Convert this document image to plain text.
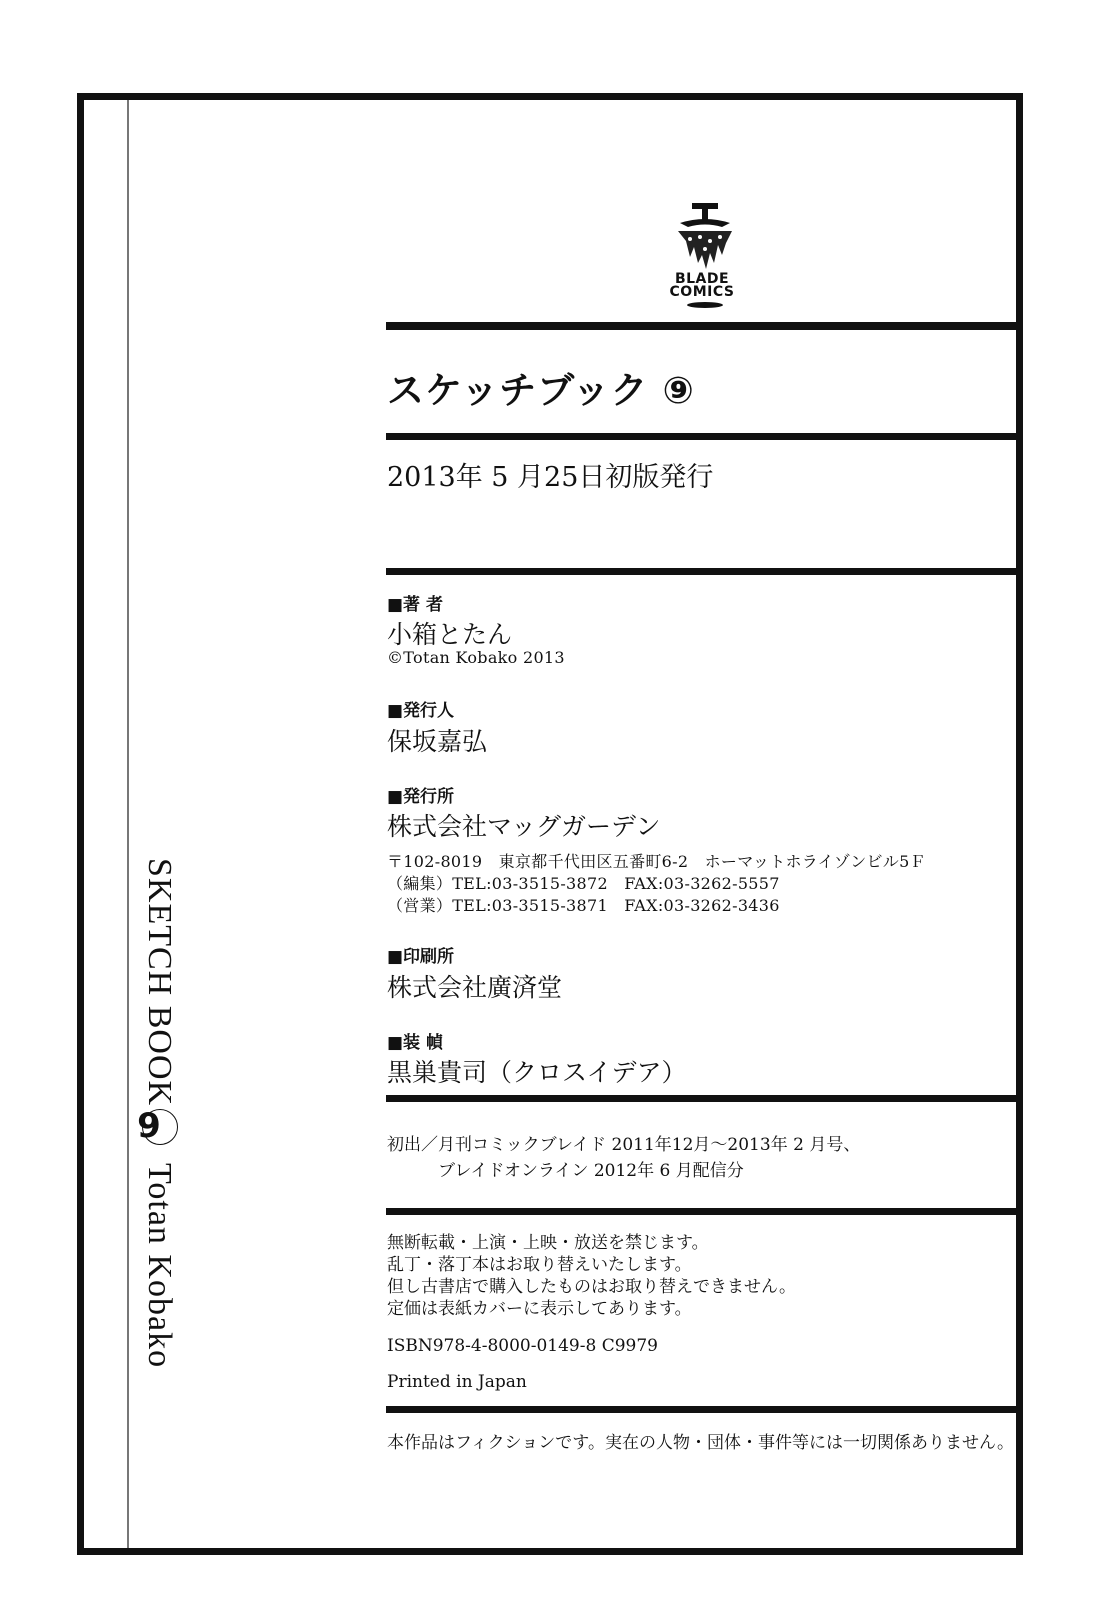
SKETCH BOOK
9
Totan Kobako
BLADE COMICS
スケッチブック ⑨
2013年 5 月25日初版発行
■著 者
小箱とたん
©Totan Kobako 2013
■発行人
保坂嘉弘
■発行所
株式会社マッグガーデン
〒102-8019　東京都千代田区五番町6-2　ホーマットホライゾンビル5Ｆ
（編集）TEL:03-3515-3872　FAX:03-3262-5557
（営業）TEL:03-3515-3871　FAX:03-3262-3436
■印刷所
株式会社廣済堂
■装 幀
黒巣貴司（クロスイデア）
初出／月刊コミックブレイド 2011年12月～2013年 2 月号、
ブレイドオンライン 2012年 6 月配信分
無断転載・上演・上映・放送を禁じます。
乱丁・落丁本はお取り替えいたします。
但し古書店で購入したものはお取り替えできません。
定価は表紙カバーに表示してあります。
ISBN978-4-8000-0149-8 C9979
Printed in Japan
本作品はフィクションです。実在の人物・団体・事件等には一切関係ありません。
